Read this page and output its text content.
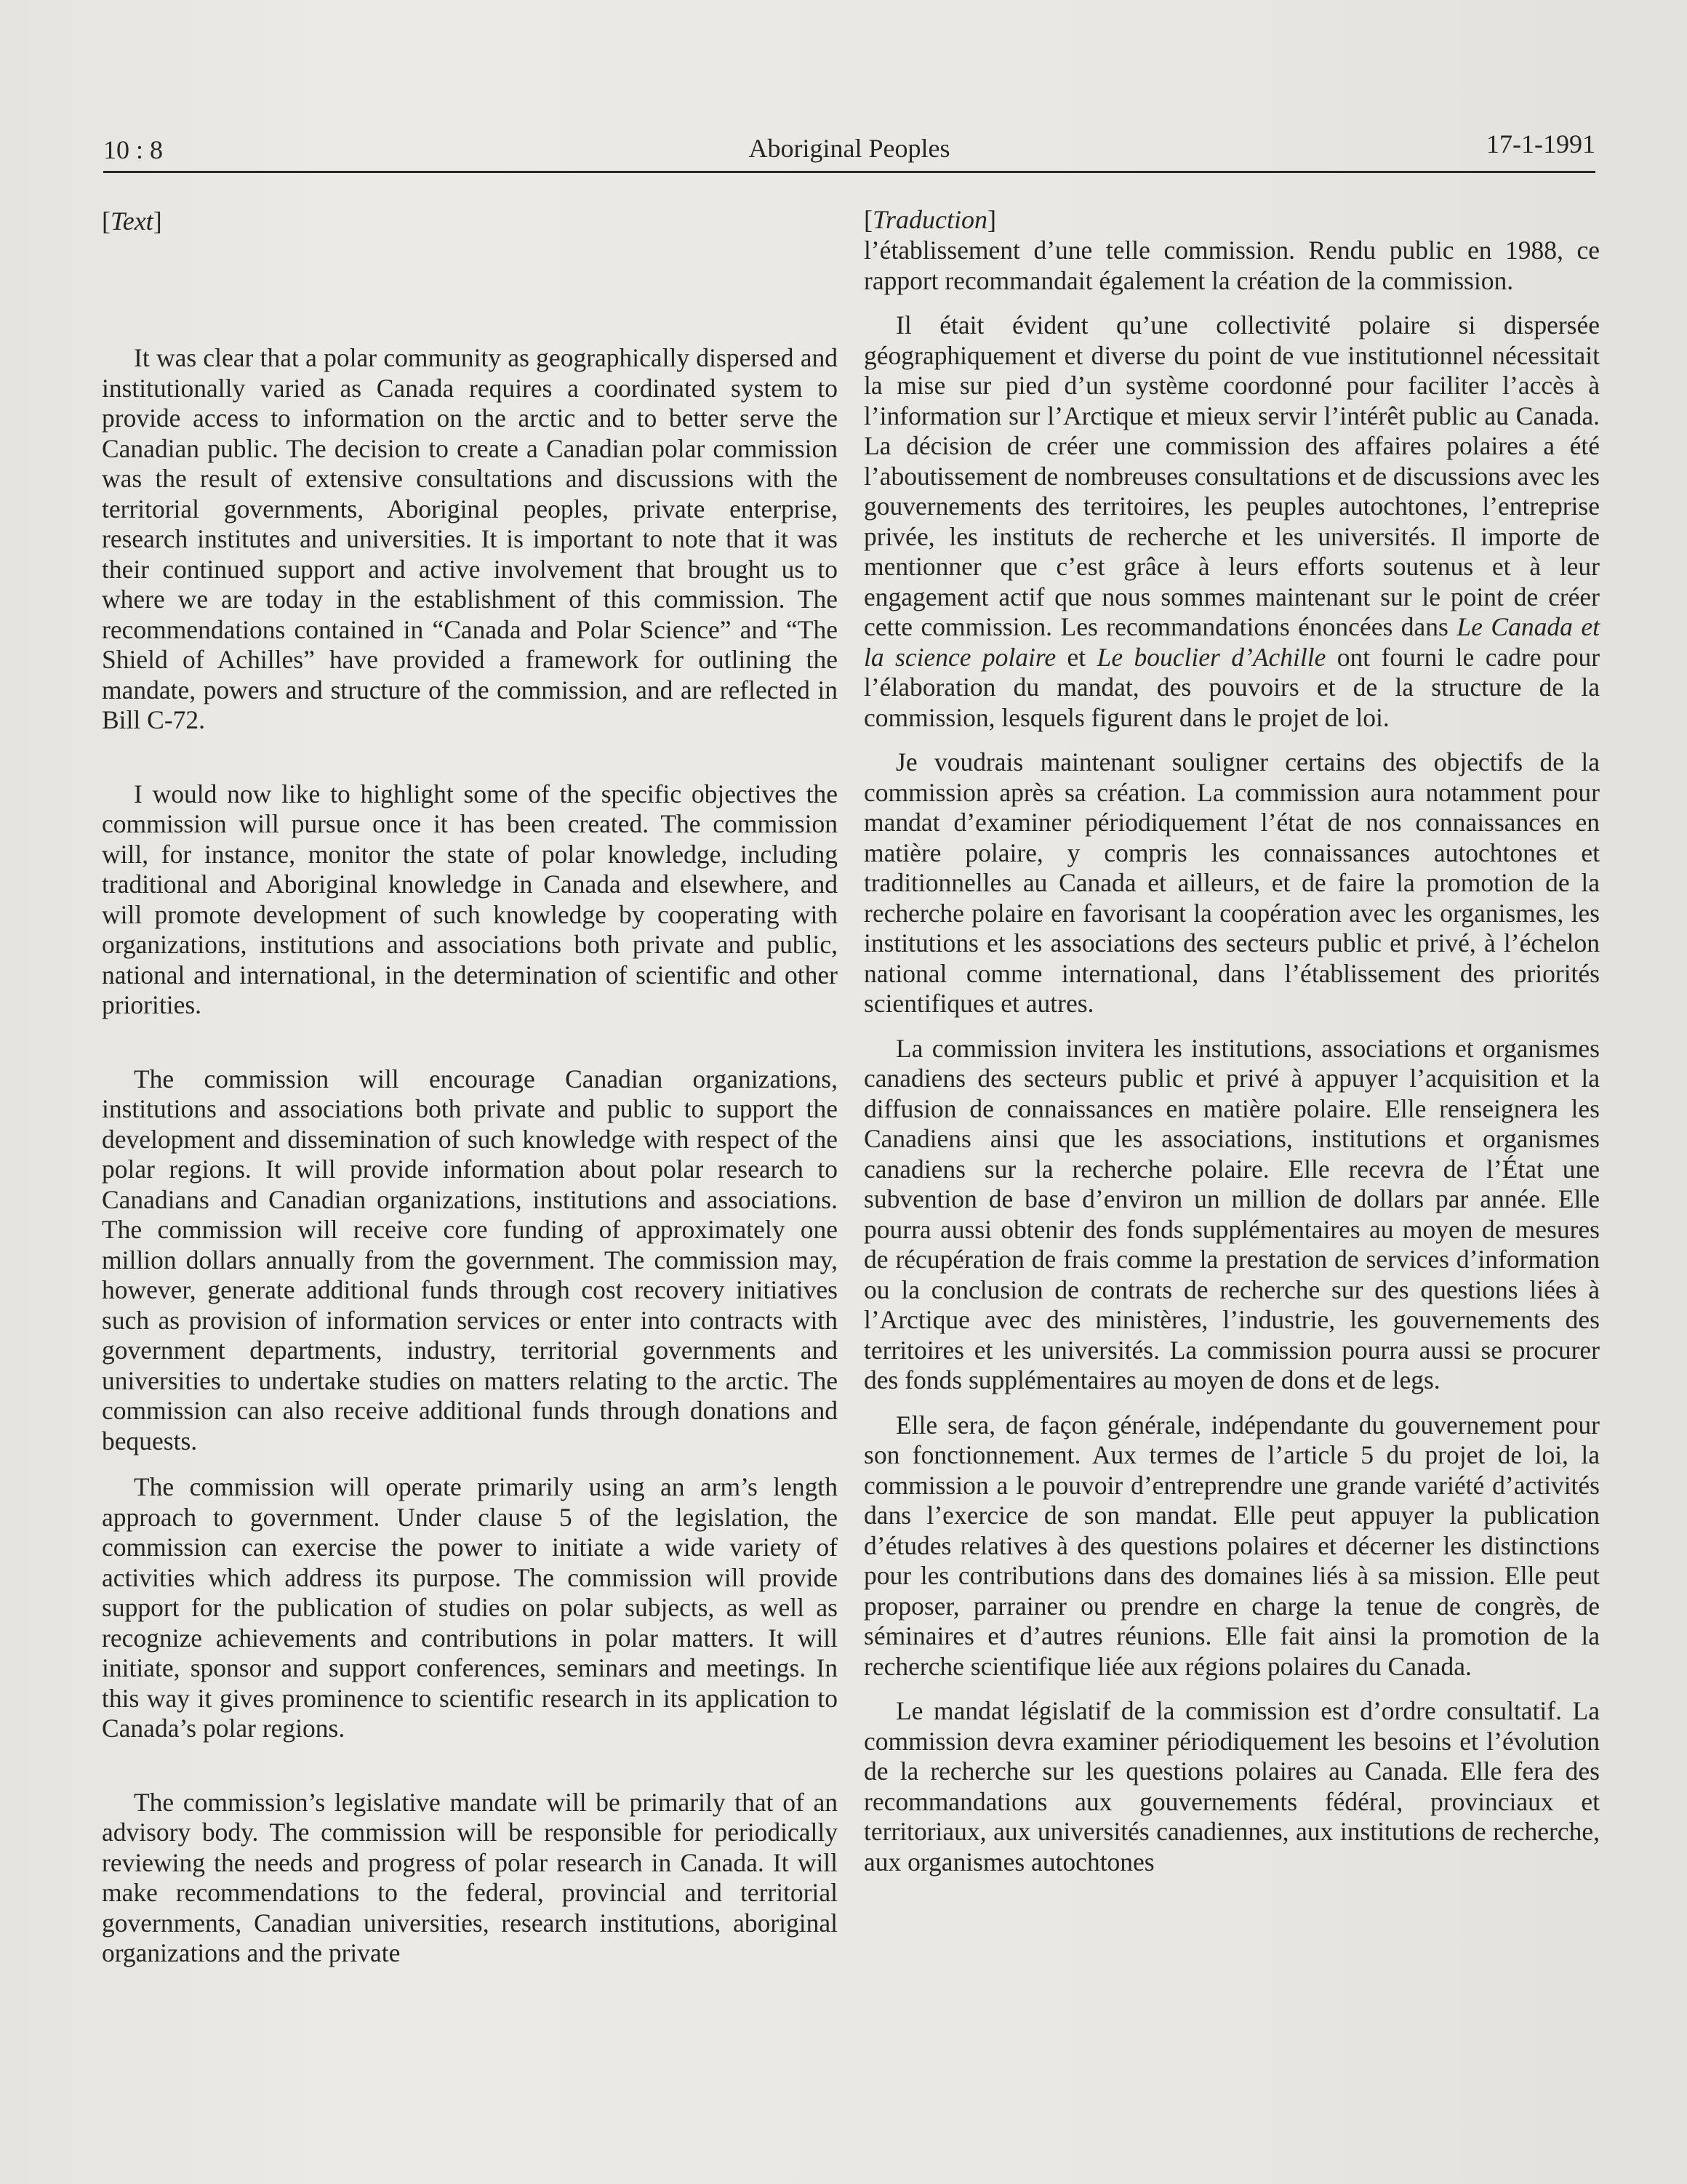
10 : 8	Aboriginal Peoples	17-1-1991
[Text]

It was clear that a polar community as geographically dispersed and institutionally varied as Canada requires a coordinated system to provide access to information on the arctic and to better serve the Canadian public. The decision to create a Canadian polar commission was the result of extensive consultations and discussions with the territorial governments, Aboriginal peoples, private enterprise, research institutes and universities. It is important to note that it was their continued support and active involvement that brought us to where we are today in the establishment of this commission. The recommendations contained in “Canada and Polar Science” and “The Shield of Achilles” have provided a framework for outlining the mandate, powers and structure of the commission, and are reflected in Bill C-72.

I would now like to highlight some of the specific objectives the commission will pursue once it has been created. The commission will, for instance, monitor the state of polar knowledge, including traditional and Aboriginal knowledge in Canada and elsewhere, and will promote development of such knowledge by cooperating with organizations, institutions and associations both private and public, national and international, in the determination of scientific and other priorities.

The commission will encourage Canadian organizations, institutions and associations both private and public to support the development and dissemination of such knowledge with respect of the polar regions. It will provide information about polar research to Canadians and Canadian organizations, institutions and associations. The commission will receive core funding of approximately one million dollars annually from the government. The commission may, however, generate additional funds through cost recovery initiatives such as provision of information services or enter into contracts with government departments, industry, territorial governments and universities to undertake studies on matters relating to the arctic. The commission can also receive additional funds through donations and bequests.

The commission will operate primarily using an arm’s length approach to government. Under clause 5 of the legislation, the commission can exercise the power to initiate a wide variety of activities which address its purpose. The commission will provide support for the publication of studies on polar subjects, as well as recognize achievements and contributions in polar matters. It will initiate, sponsor and support conferences, seminars and meetings. In this way it gives prominence to scientific research in its application to Canada’s polar regions.

The commission’s legislative mandate will be primarily that of an advisory body. The commission will be responsible for periodically reviewing the needs and progress of polar research in Canada. It will make recommendations to the federal, provincial and territorial governments, Canadian universities, research institutions, aboriginal organizations and the private

[Traduction]

l’établissement d’une telle commission. Rendu public en 1988, ce rapport recommandait également la création de la commission.

Il était évident qu’une collectivité polaire si dispersée géographiquement et diverse du point de vue institutionnel nécessitait la mise sur pied d’un système coordonné pour faciliter l’accès à l’information sur l’Arctique et mieux servir l’intérêt public au Canada. La décision de créer une commission des affaires polaires a été l’aboutissement de nombreuses consultations et de discussions avec les gouvernements des territoires, les peuples autochtones, l’entreprise privée, les instituts de recherche et les universités. Il importe de mentionner que c’est grâce à leurs efforts soutenus et à leur engagement actif que nous sommes maintenant sur le point de créer cette commission. Les recommandations énoncées dans Le Canada et la science polaire et Le bouclier d’Achille ont fourni le cadre pour l’élaboration du mandat, des pouvoirs et de la structure de la commission, lesquels figurent dans le projet de loi.

Je voudrais maintenant souligner certains des objectifs de la commission après sa création. La commission aura notamment pour mandat d’examiner périodiquement l’état de nos connaissances en matière polaire, y compris les connaissances autochtones et traditionnelles au Canada et ailleurs, et de faire la promotion de la recherche polaire en favorisant la coopération avec les organismes, les institutions et les associations des secteurs public et privé, à l’échelon national comme international, dans l’établissement des priorités scientifiques et autres.

La commission invitera les institutions, associations et organismes canadiens des secteurs public et privé à appuyer l’acquisition et la diffusion de connaissances en matière polaire. Elle renseignera les Canadiens ainsi que les associations, institutions et organismes canadiens sur la recherche polaire. Elle recevra de l’État une subvention de base d’environ un million de dollars par année. Elle pourra aussi obtenir des fonds supplémentaires au moyen de mesures de récupération de frais comme la prestation de services d’information ou la conclusion de contrats de recherche sur des questions liées à l’Arctique avec des ministères, l’industrie, les gouvernements des territoires et les universités. La commission pourra aussi se procurer des fonds supplémentaires au moyen de dons et de legs.

Elle sera, de façon générale, indépendante du gouvernement pour son fonctionnement. Aux termes de l’article 5 du projet de loi, la commission a le pouvoir d’entreprendre une grande variété d’activités dans l’exercice de son mandat. Elle peut appuyer la publication d’études relatives à des questions polaires et décerner les distinctions pour les contributions dans des domaines liés à sa mission. Elle peut proposer, parrainer ou prendre en charge la tenue de congrès, de séminaires et d’autres réunions. Elle fait ainsi la promotion de la recherche scientifique liée aux régions polaires du Canada.

Le mandat législatif de la commission est d’ordre consultatif. La commission devra examiner périodiquement les besoins et l’évolution de la recherche sur les questions polaires au Canada. Elle fera des recommandations aux gouvernements fédéral, provinciaux et territoriaux, aux universités canadiennes, aux institutions de recherche, aux organismes autochtones
